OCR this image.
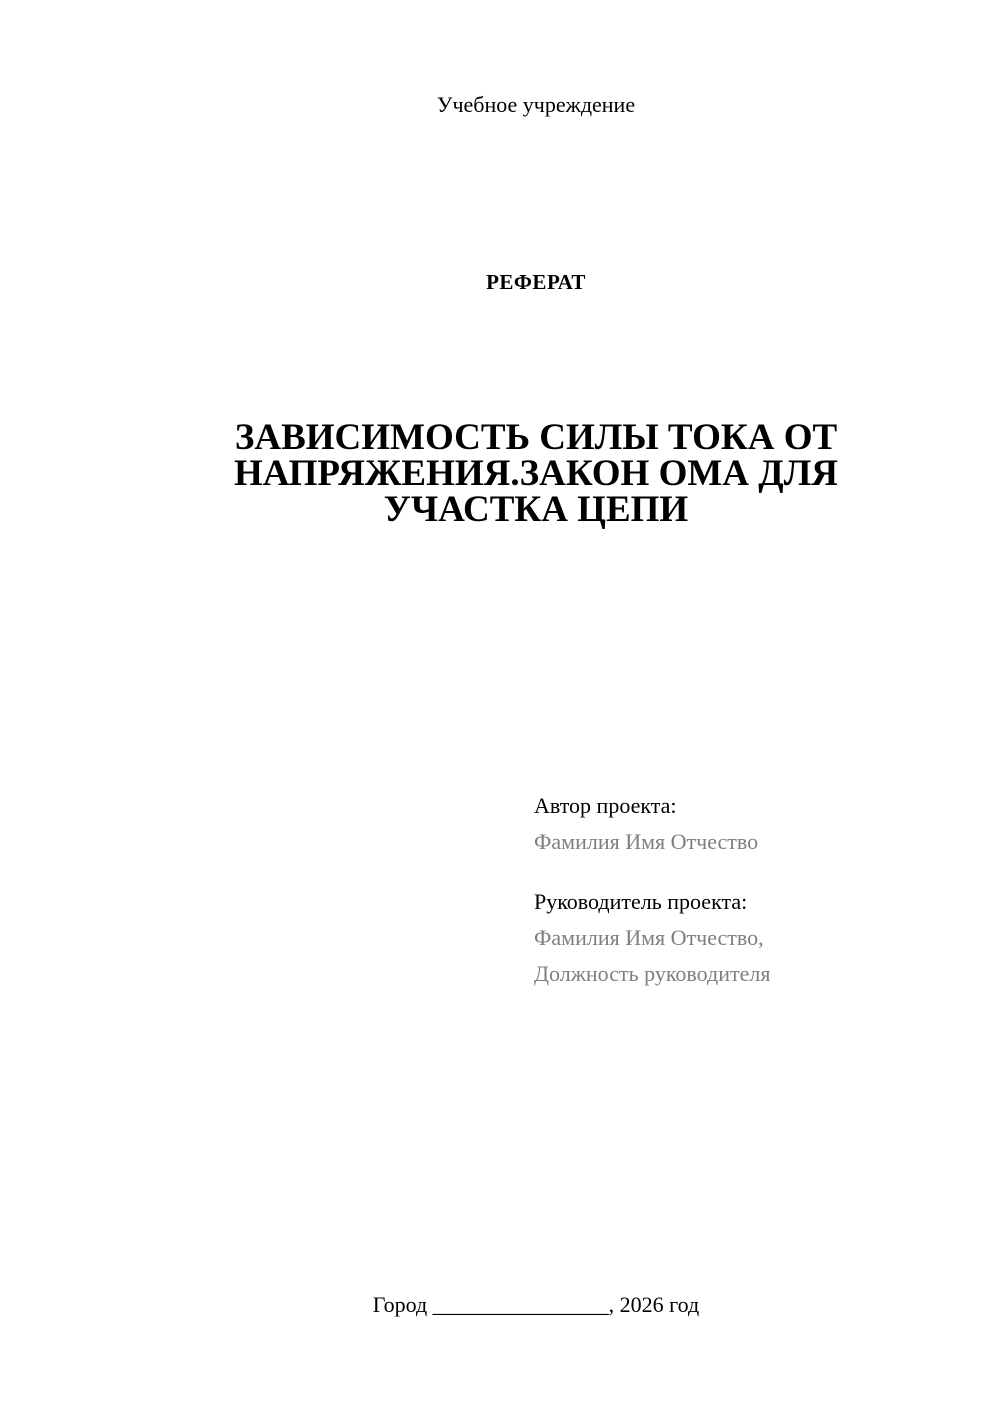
Учебное учреждение
РЕФЕРАТ
ЗАВИСИМОСТЬ СИЛЫ ТОКА ОТ
НАПРЯЖЕНИЯ.ЗАКОН ОМА ДЛЯ
УЧАСТКА ЦЕПИ
Автор проекта:
Фамилия Имя Отчество
Руководитель проекта:
Фамилия Имя Отчество,
Должность руководителя
Город ________________, 2026 год
